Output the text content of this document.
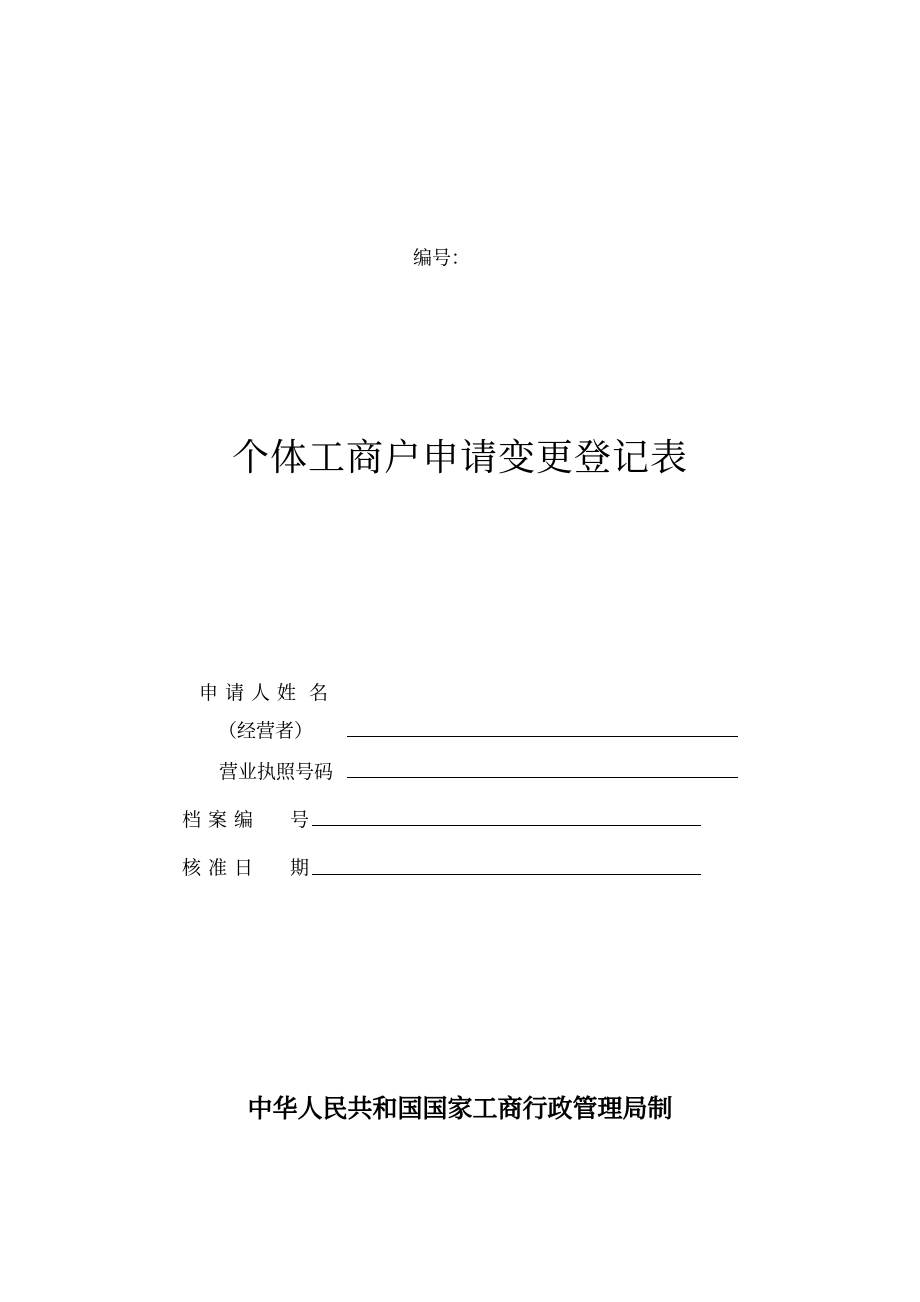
编号：
个体工商户申请变更登记表
申请人姓 名
（经营者）
营业执照号码
档案编 号
核准日 期
中华人民共和国国家工商行政管理局制
